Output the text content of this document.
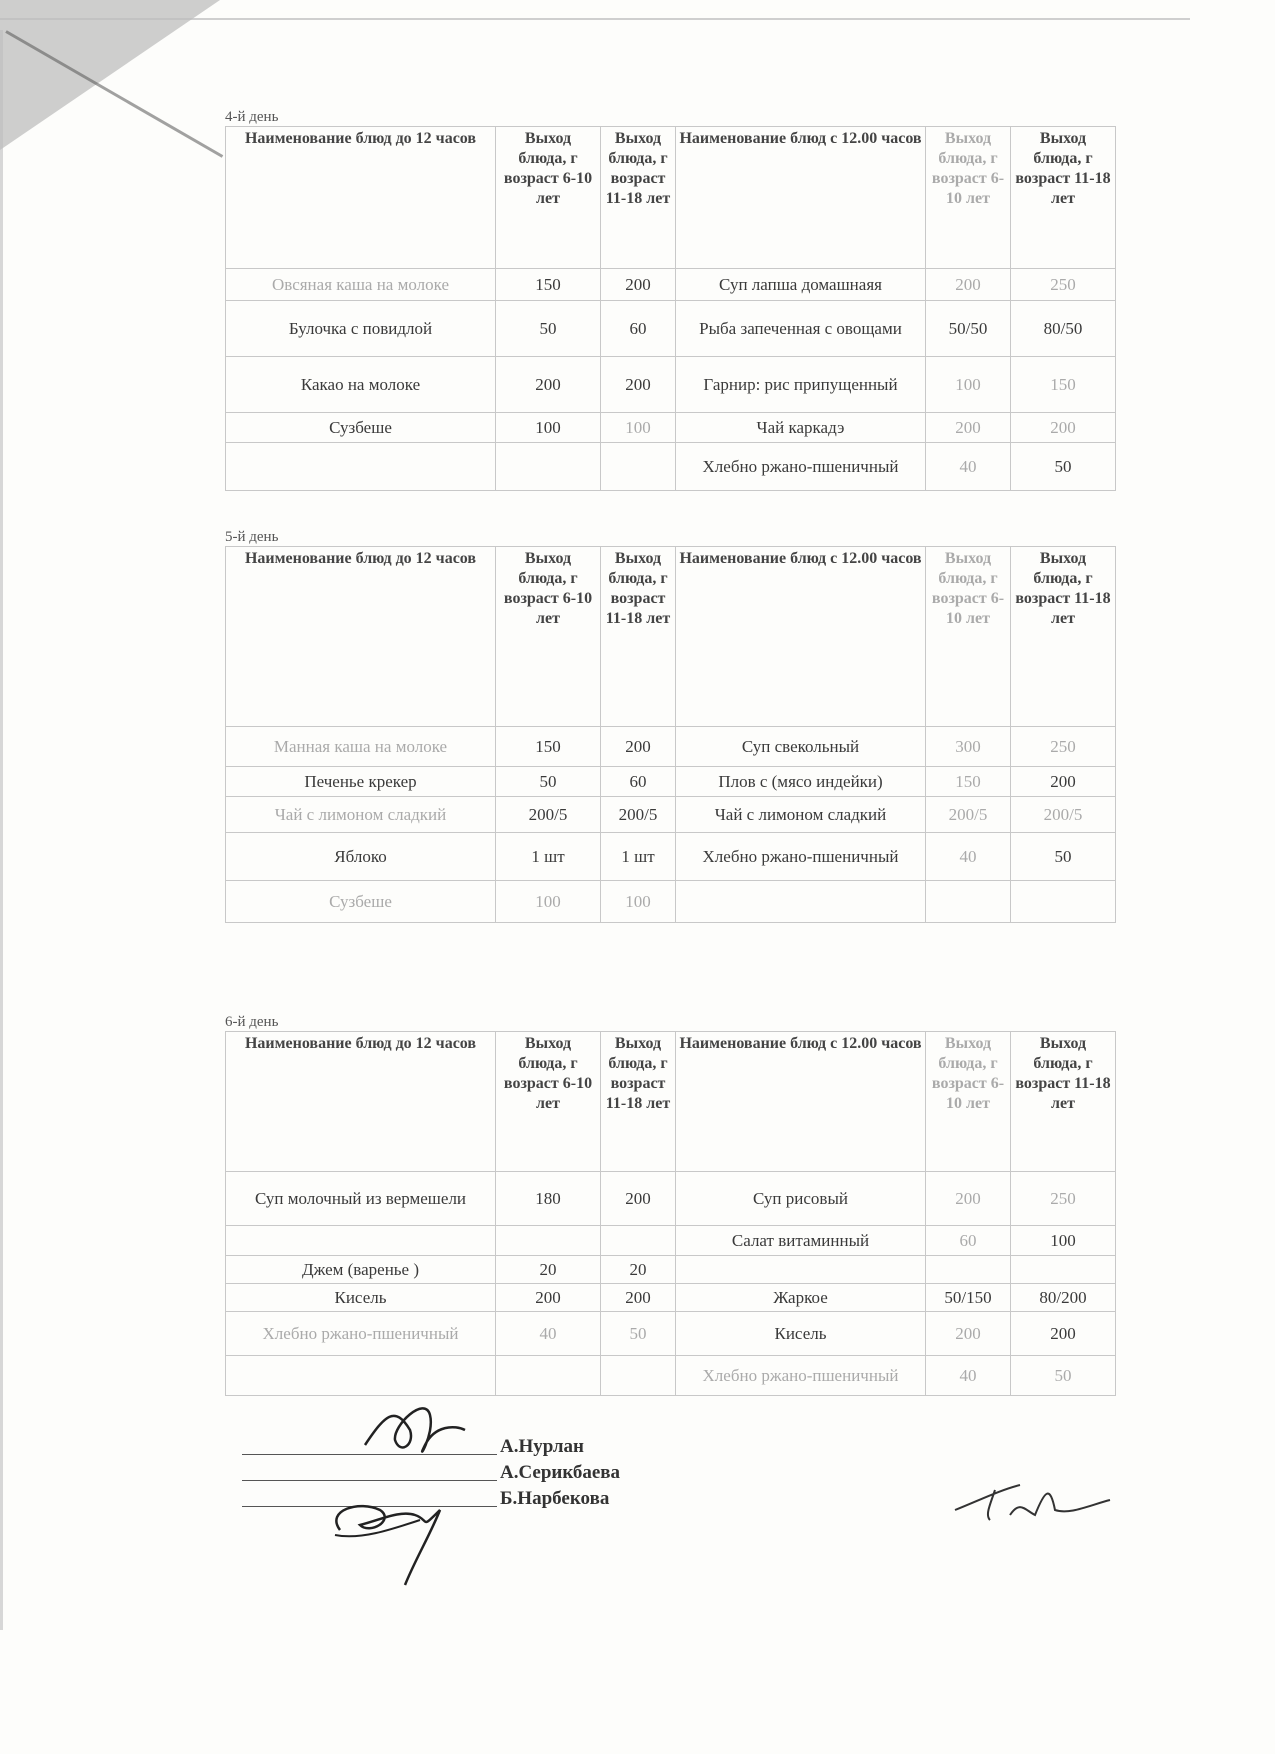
4-й день
Наименование блюд до 12 часов	Выход блюда, г возраст 6-10 лет	Выход блюда, г возраст 11-18 лет	Наименование блюд с 12.00 часов	Выход блюда, г возраст 6-10 лет	Выход блюда, г возраст 11-18 лет
Овсяная каша на молоке	150	200	Суп лапша домашнаяя	200	250
Булочка с повидлой	50	60	Рыба запеченная с овощами	50/50	80/50
Какао на молоке	200	200	Гарнир: рис припущенный	100	150
Сузбеше	100	100	Чай каркадэ	200	200
			Хлебно ржано-пшеничный	40	50
5-й день
Наименование блюд до 12 часов	Выход блюда, г возраст 6-10 лет	Выход блюда, г возраст 11-18 лет	Наименование блюд с 12.00 часов	Выход блюда, г возраст 6-10 лет	Выход блюда, г возраст 11-18 лет
Манная каша на молоке	150	200	Суп свекольный	300	250
Печенье крекер	50	60	Плов с (мясо индейки)	150	200
Чай с лимоном сладкий	200/5	200/5	Чай с лимоном сладкий	200/5	200/5
Яблоко	1 шт	1 шт	Хлебно ржано-пшеничный	40	50
Сузбеше	100	100			
6-й день
Наименование блюд до 12 часов	Выход блюда, г возраст 6-10 лет	Выход блюда, г возраст 11-18 лет	Наименование блюд с 12.00 часов	Выход блюда, г возраст 6-10 лет	Выход блюда, г возраст 11-18 лет
Суп молочный из вермешели	180	200	Суп рисовый	200	250
			Салат витаминный	60	100
Джем (варенье )	20	20			
Кисель	200	200	Жаркое	50/150	80/200
Хлебно ржано-пшеничный	40	50	Кисель	200	200
			Хлебно ржано-пшеничный	40	50
А.Нурлан
А.Серикбаева
Б.Нарбекова
